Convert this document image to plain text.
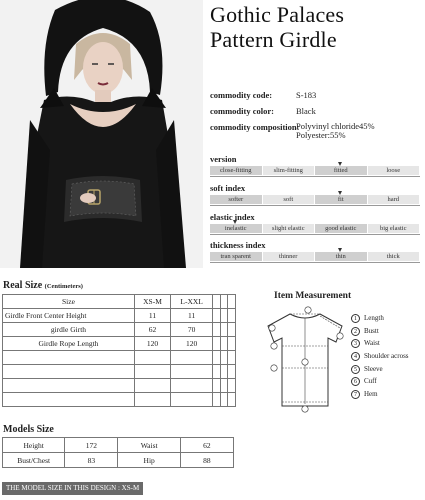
Gothic Palaces
Pattern Girdle
commodity code:	S-183
commodity color:	Black
commodity composition:
Polyvinyl chloride45%
Polyester:55%
version
close-fitting	slim-fitting	fitted	loose
soft index
softer	soft	fit	hard
elastic index
inelastic	slight elastic	good elastic	big elastic
thickness index
tran sparent	thinner	thin	thick
Real Size (Centimeters)
Size	XS-M	L-XXL			
Girdle Front Center Height	11	11			
girdle Girth	62	70			
Girdle Rope Length	120	120			

Item Measurement
1	Length
2	Bustt
3	Waist
4	Shoulder across
5	Sleeve
6	Cuff
7	Hem
Models Size
Height	172	Waist	62
Bust/Chest	83	Hip	88
THE MODEL SIZE IN THIS DESIGN : XS-M
